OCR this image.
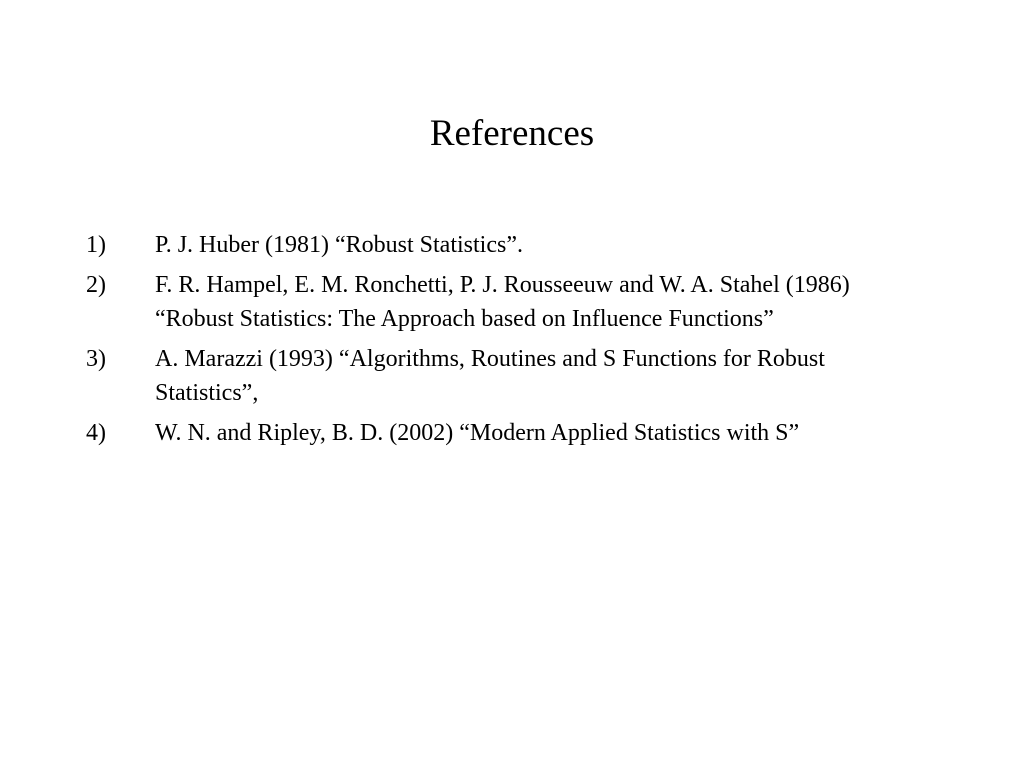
References
1)	P. J. Huber (1981) “Robust Statistics”.
2)	F. R. Hampel, E. M. Ronchetti, P. J. Rousseeuw and W. A. Stahel (1986) “Robust Statistics: The Approach based on Influence Functions”
3)	A. Marazzi (1993) “Algorithms, Routines and S Functions for Robust Statistics”,
4)	W. N. and Ripley, B. D. (2002) “Modern Applied Statistics with S”
